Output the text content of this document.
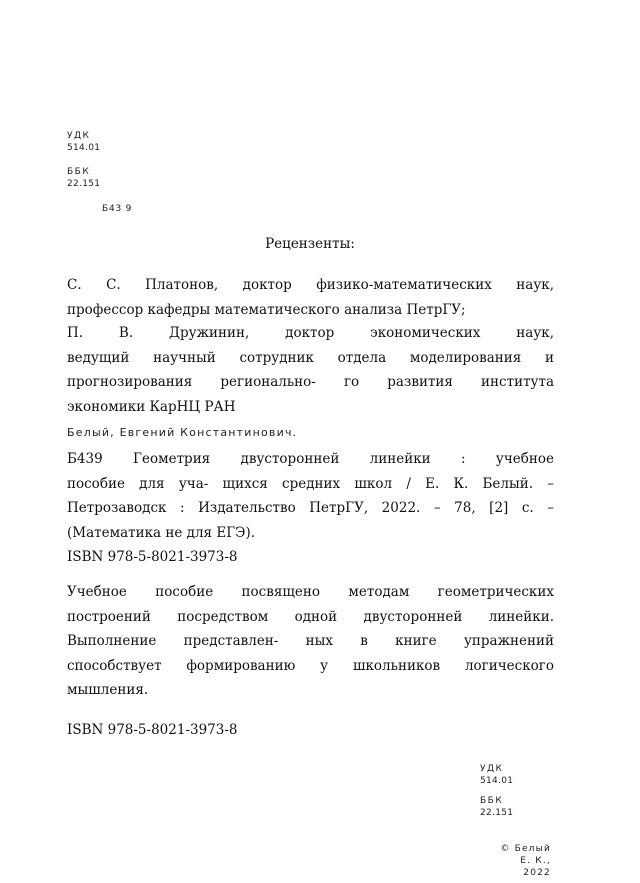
УДК
514.01
ББК
22.151
Б43 9
Рецензенты:
С. С. Платонов, доктор физико-математических наук,
профессор кафедры математического анализа ПетрГУ;
П. В. Дружинин, доктор экономических наук,
ведущий научный сотрудник отдела моделирования и
прогнозирования регионально- го развития института
экономики КарНЦ РАН
Белый, Евгений Константинович.
Б439 Геометрия двусторонней линейки : учебное
пособие для уча- щихся средних школ / Е. К. Белый. –
Петрозаводск : Издательство ПетрГУ, 2022. – 78, [2] с. –
(Математика не для ЕГЭ).
ISBN 978-5-8021-3973-8
Учебное пособие посвящено методам геометрических
построений посредством одной двусторонней линейки.
Выполнение представлен- ных в книге упражнений
способствует формированию у школьников логического
мышления.
ISBN 978-5-8021-3973-8
УДК
514.01
ББК
22.151
© Белый
Е. К.,
2022
